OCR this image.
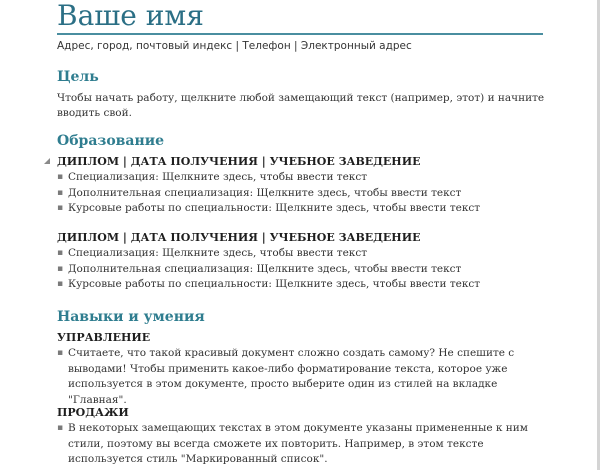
Ваше имя
Адрес, город, почтовый индекс | Телефон | Электронный адрес
Цель
Чтобы начать работу, щелкните любой замещающий текст (например, этот) и начните вводить свой.
Образование
ДИПЛОМ | ДАТА ПОЛУЧЕНИЯ | УЧЕБНОЕ ЗАВЕДЕНИЕ
▪ Специализация: Щелкните здесь, чтобы ввести текст
▪ Дополнительная специализация: Щелкните здесь, чтобы ввести текст
▪ Курсовые работы по специальности: Щелкните здесь, чтобы ввести текст
ДИПЛОМ | ДАТА ПОЛУЧЕНИЯ | УЧЕБНОЕ ЗАВЕДЕНИЕ
▪ Специализация: Щелкните здесь, чтобы ввести текст
▪ Дополнительная специализация: Щелкните здесь, чтобы ввести текст
▪ Курсовые работы по специальности: Щелкните здесь, чтобы ввести текст
Навыки и умения
УПРАВЛЕНИЕ
▪ Считаете, что такой красивый документ сложно создать самому? Не спешите с выводами! Чтобы применить какое-либо форматирование текста, которое уже используется в этом документе, просто выберите один из стилей на вкладке "Главная".
ПРОДАЖИ
▪ В некоторых замещающих текстах в этом документе указаны примененные к ним стили, поэтому вы всегда сможете их повторить. Например, в этом тексте используется стиль "Маркированный список".
